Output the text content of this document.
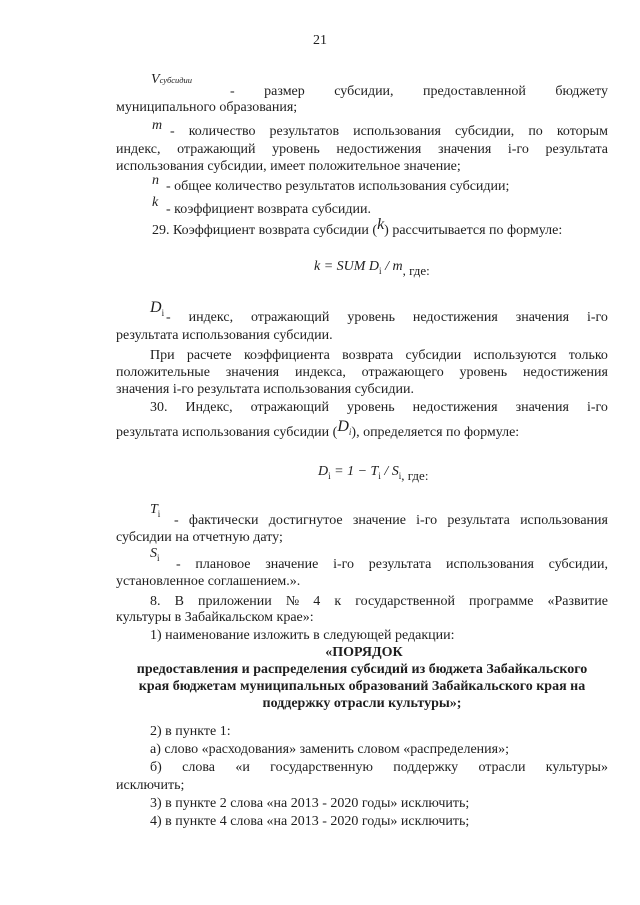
21
Vсубсидии
- размер субсидии, предоставленной бюджету
муниципального образования;
m - количество результатов использования субсидии, по которым
индекс, отражающий уровень недостижения значения i-го результата
использования субсидии, имеет положительное значение;
n - общее количество результатов использования субсидии;
k - коэффициент возврата субсидии.
29. Коэффициент возврата субсидии (k) рассчитывается по формуле:
k = SUM $D_i$ / m, где:
$D_i$ - индекс, отражающий уровень недостижения значения i-го
результата использования субсидии.
При расчете коэффициента возврата субсидии используются только
положительные значения индекса, отражающего уровень недостижения
значения i-го результата использования субсидии.
30. Индекс, отражающий уровень недостижения значения i-го
результата использования субсидии $(D_i)$, определяется по формуле:
$D_i = 1 - T_i / S_i$, где:
$T_i$ - фактически достигнутое значение i-го результата использования
субсидии на отчетную дату;
$S_i$ - плановое значение i-го результата использования субсидии,
установленное соглашением.».
8. В приложении № 4 к государственной программе «Развитие
культуры в Забайкальском крае»:
1) наименование изложить в следующей редакции:
«ПОРЯДОК
предоставления и распределения субсидий из бюджета Забайкальского
края бюджетам муниципальных образований Забайкальского края на
поддержку отрасли культуры»;
2) в пункте 1:
а) слово «расходования» заменить словом «распределения»;
б) слова «и государственную поддержку отрасли культуры»
исключить;
3) в пункте 2 слова «на 2013 - 2020 годы» исключить;
4) в пункте 4 слова «на 2013 - 2020 годы» исключить;
